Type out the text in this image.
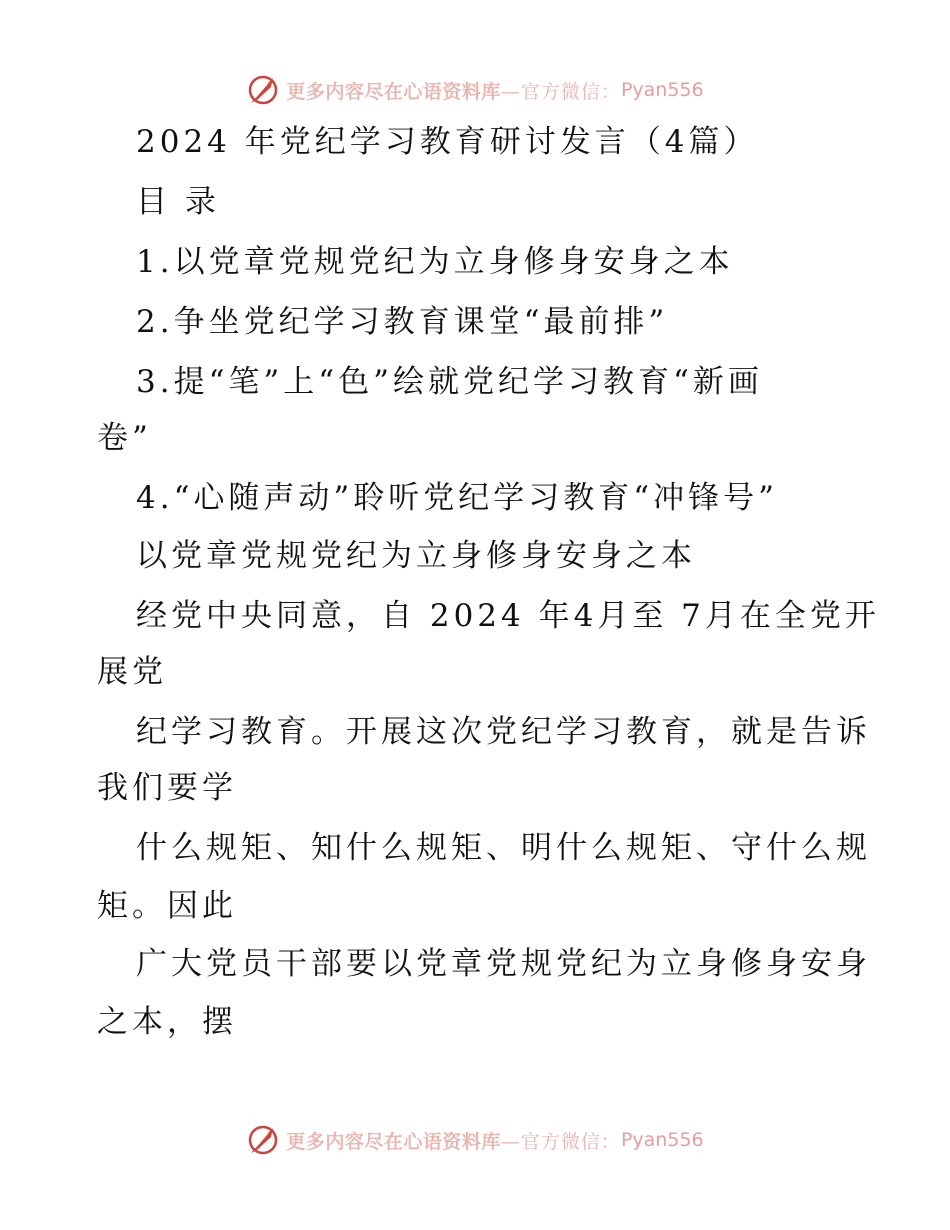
更多内容尽在心语资料库 —官方微信： Pyan556
2024 年党纪学习教育研讨发言（4篇）
目 录
1.以党章党规党纪为立身修身安身之本
2.争坐党纪学习教育课堂“最前排”
3.提“笔”上“色”绘就党纪学习教育“新画
卷”
4.“心随声动”聆听党纪学习教育“冲锋号”
以党章党规党纪为立身修身安身之本
经党中央同意，自 2024 年4月至 7月在全党开
展党
纪学习教育。开展这次党纪学习教育，就是告诉
我们要学
什么规矩、知什么规矩、明什么规矩、守什么规
矩。因此
广大党员干部要以党章党规党纪为立身修身安身
之本，摆
更多内容尽在心语资料库 —官方微信： Pyan556
